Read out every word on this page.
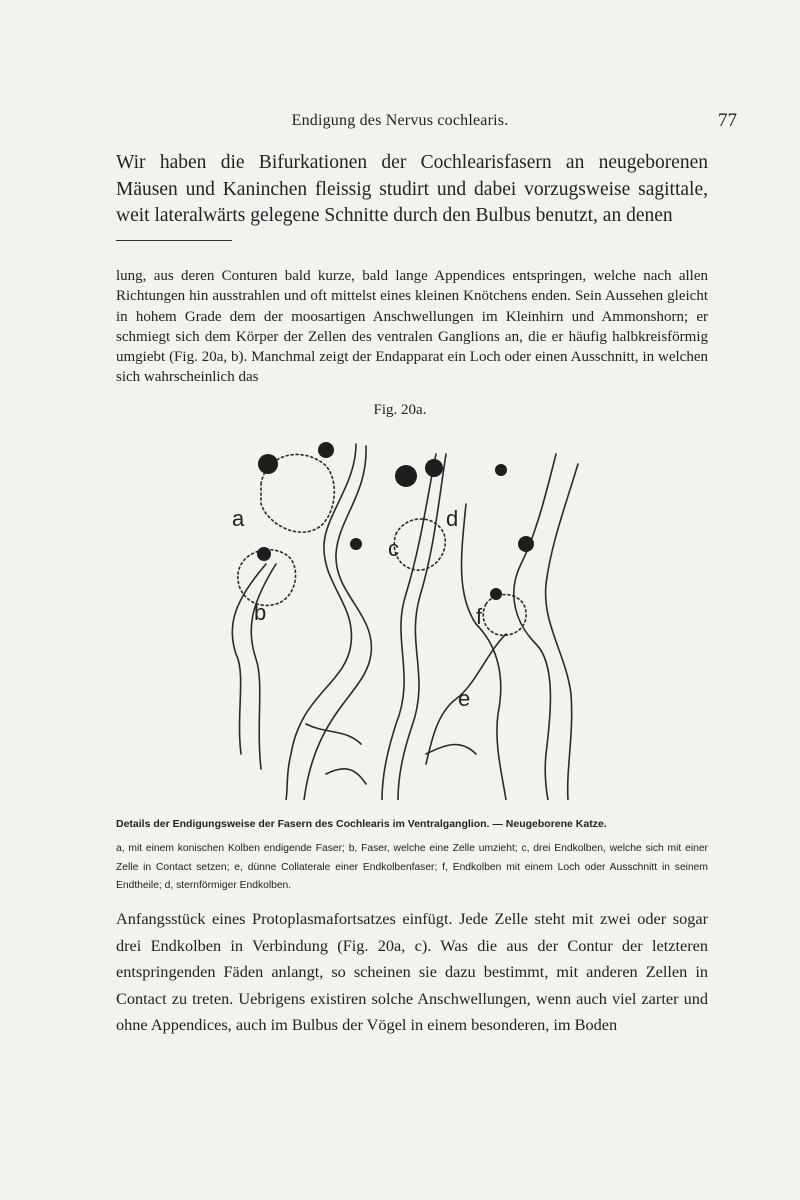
Endigung des Nervus cochlearis.	77

Wir haben die Bifurkationen der Cochlearisfasern an neugeborenen Mäusen und Kaninchen fleissig studirt und dabei vorzugsweise sagittale, weit lateralwärts gelegene Schnitte durch den Bulbus benutzt, an denen

lung, aus deren Conturen bald kurze, bald lange Appendices entspringen, welche nach allen Richtungen hin ausstrahlen und oft mittelst eines kleinen Knötchens enden. Sein Aussehen gleicht in hohem Grade dem der moosartigen Anschwellungen im Kleinhirn und Ammonshorn; er schmiegt sich dem Körper der Zellen des ventralen Ganglions an, die er häufig halbkreisförmig umgiebt (Fig. 20a, b). Manchmal zeigt der Endapparat ein Loch oder einen Ausschnitt, in welchen sich wahrscheinlich das

Fig. 20a.
a
b
c
d
e
f
Details der Endigungsweise der Fasern des Cochlearis im Ventralganglion. — Neugeborene Katze.

a, mit einem konischen Kolben endigende Faser; b, Faser, welche eine Zelle umzieht; c, drei Endkolben, welche sich mit einer Zelle in Contact setzen; e, dünne Collaterale einer Endkolbenfaser; f, Endkolben mit einem Loch oder Ausschnitt in seinem Endtheile; d, sternförmiger Endkolben.

Anfangsstück eines Protoplasmafortsatzes einfügt. Jede Zelle steht mit zwei oder sogar drei Endkolben in Verbindung (Fig. 20a, c). Was die aus der Contur der letzteren entspringenden Fäden anlangt, so scheinen sie dazu bestimmt, mit anderen Zellen in Contact zu treten. Uebrigens existiren solche Anschwellungen, wenn auch viel zarter und ohne Appendices, auch im Bulbus der Vögel in einem besonderen, im Boden
